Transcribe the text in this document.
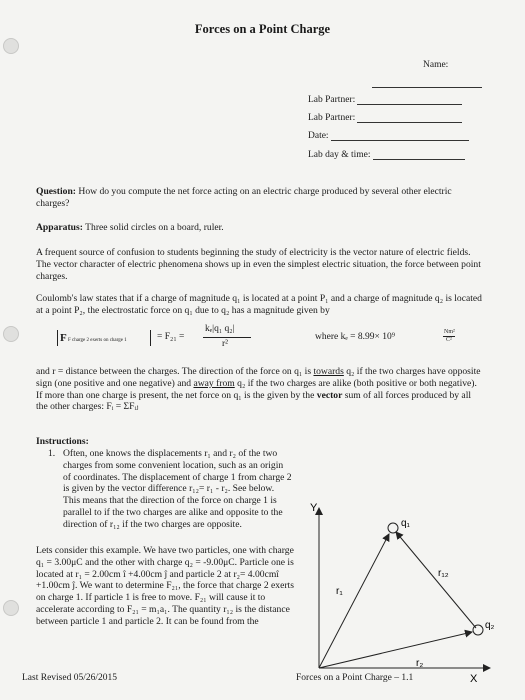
Forces on a Point Charge
Name:
Lab Partner:
Lab Partner:
Date:
Lab day & time:
Question: How do you compute the net force acting on an electric charge produced by several other electric charges?
Apparatus: Three solid circles on a board, ruler.
A frequent source of confusion to students beginning the study of electricity is the vector nature of electric fields. The vector character of electric phenomena shows up in even the simplest electric situation, the force between point charges.
Coulomb's law states that if a charge of magnitude q₁ is located at a point P₁ and a charge of magnitude q₂ is located at a point P₂, the electrostatic force on q₁ due to q₂ has a magnitude given by
F F charge 2 exerts on charge 1	= F₂₁ =
kₑ|q₁ q₂|
r²
where kₑ = 8.99× 10⁹	Nm²
C²
and r = distance between the charges. The direction of the force on q₁ is towards q₂ if the two charges have opposite sign (one positive and one negative) and away from q₂ if the two charges are alike (both positive or both negative). If more than one charge is present, the net force on q₁ is the given by the vector sum of all forces produced by all the other charges: Fᵢ = ΣFᵢⱼ
Instructions:
1. Often, one knows the displacements r₁ and r₂ of the two charges from some convenient location, such as an origin of coordinates. The displacement of charge 1 from charge 2 is given by the vector difference r₁₂= r₁ - r₂. See below. This means that the direction of the force on charge 1 is parallel to if the two charges are alike and opposite to the direction of r₁₂ if the two charges are opposite.
Lets consider this example. We have two particles, one with charge q₁ = 3.00μC and the other with charge q₂ = -9.00μC. Particle one is located at r₁ = 2.00cm î +4.00cm ĵ and particle 2 at r₂= 4.00cmî +1.00cm ĵ. We want to determine F₂₁, the force that charge 2 exerts on charge 1. If particle 1 is free to move. F₂₁ will cause it to accelerate according to F₂₁ = m₁a₁. The quantity r₁₂ is the distance between particle 1 and particle 2. It can be found from the
Y
X
r₁
r₂
r₁₂
q₁
q₂
Last Revised 05/26/2015	Forces on a Point Charge – 1.1
